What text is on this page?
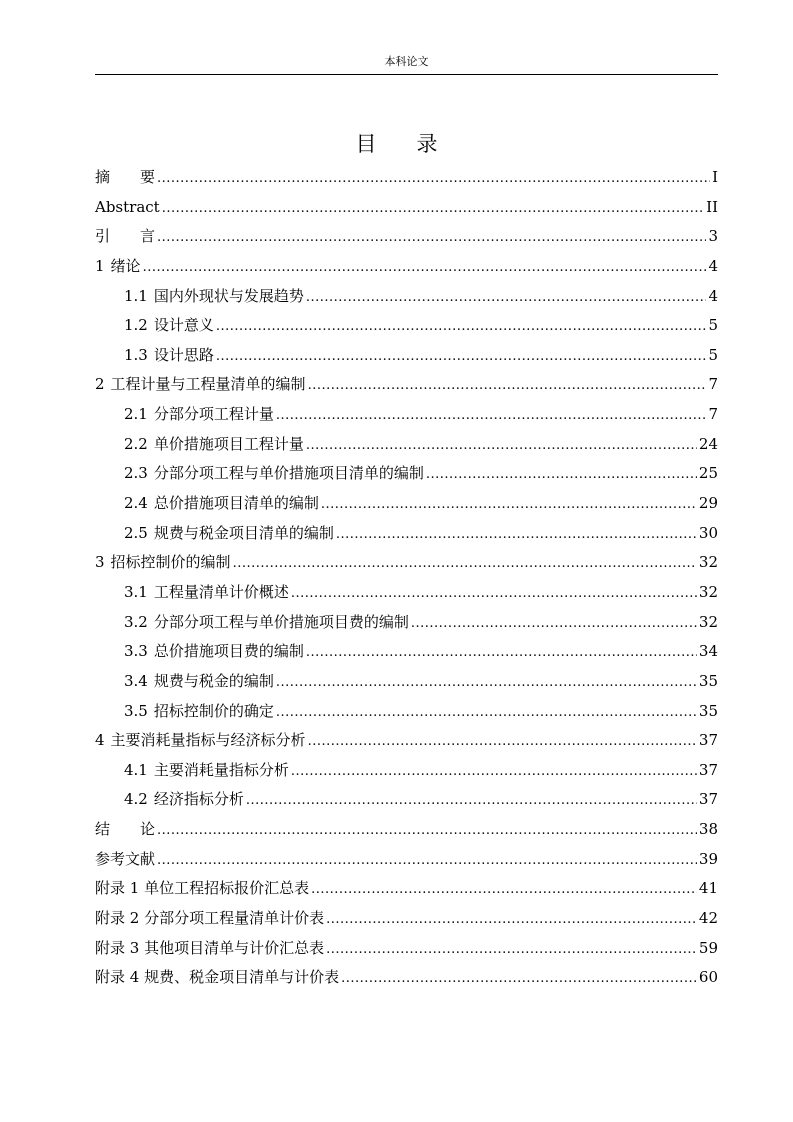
本科论文
目 录
摘　　要 .....	I
Abstract .....	II
引　　言 .....	3
1 绪论 .....	4
1.1 国内外现状与发展趋势 .....	4
1.2 设计意义 .....	5
1.3 设计思路 .....	5
2 工程计量与工程量清单的编制 .....	7
2.1 分部分项工程计量 .....	7
2.2 单价措施项目工程计量 .....	24
2.3 分部分项工程与单价措施项目清单的编制 .....	25
2.4 总价措施项目清单的编制 .....	29
2.5 规费与税金项目清单的编制 .....	30
3 招标控制价的编制 .....	32
3.1 工程量清单计价概述 .....	32
3.2 分部分项工程与单价措施项目费的编制 .....	32
3.3 总价措施项目费的编制 .....	34
3.4 规费与税金的编制 .....	35
3.5 招标控制价的确定 .....	35
4 主要消耗量指标与经济标分析 .....	37
4.1 主要消耗量指标分析 .....	37
4.2 经济指标分析 .....	37
结　　论 .....	38
参考文献 .....	39
附录 1 单位工程招标报价汇总表 .....	41
附录 2 分部分项工程量清单计价表 .....	42
附录 3 其他项目清单与计价汇总表 .....	59
附录 4 规费、税金项目清单与计价表 .....	60
